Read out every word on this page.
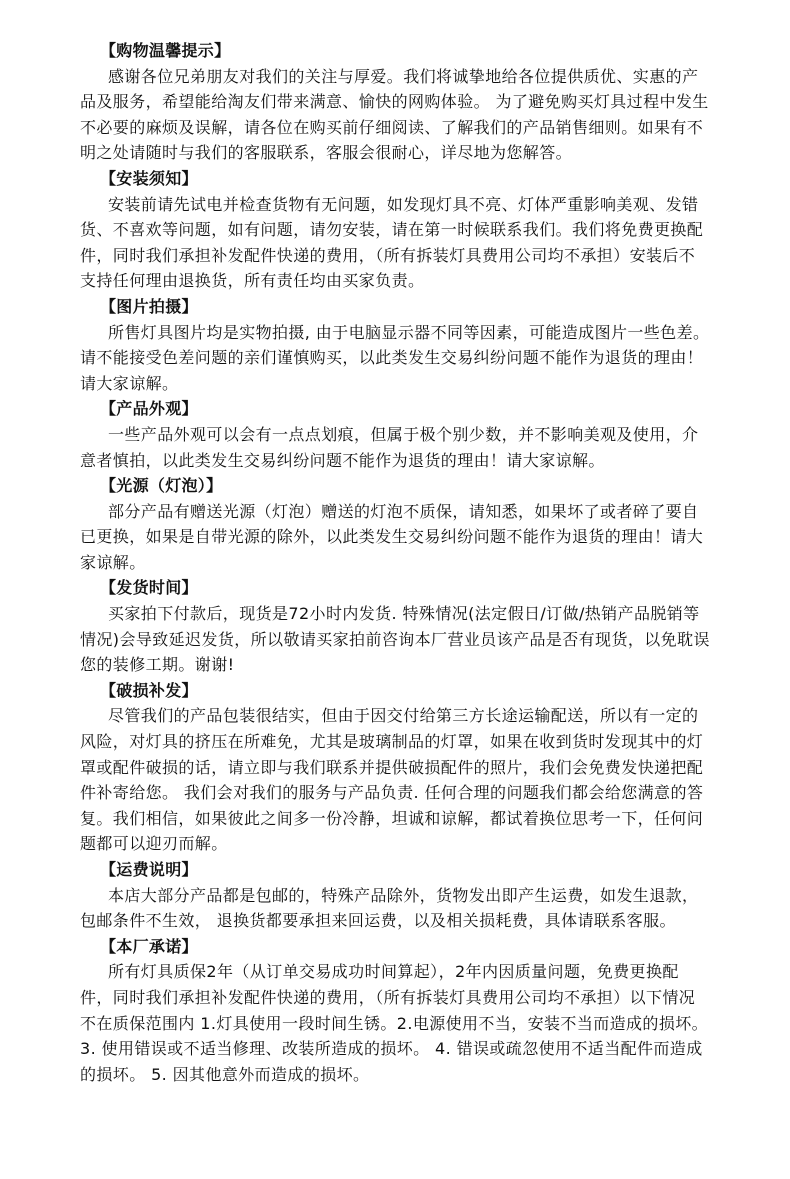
【购物温馨提示】

感谢各位兄弟朋友对我们的关注与厚爱。我们将诚挚地给各位提供质优、实惠的产品及服务，希望能给淘友们带来满意、愉快的网购体验。 为了避免购买灯具过程中发生不必要的麻烦及误解，请各位在购买前仔细阅读、了解我们的产品销售细则。如果有不明之处请随时与我们的客服联系，客服会很耐心，详尽地为您解答。

【安装须知】

安装前请先试电并检查货物有无问题，如发现灯具不亮、灯体严重影响美观、发错货、不喜欢等问题，如有问题，请勿安装，请在第一时候联系我们。我们将免费更换配件，同时我们承担补发配件快递的费用，（所有拆装灯具费用公司均不承担）安装后不支持任何理由退换货，所有责任均由买家负责。

【图片拍摄】

所售灯具图片均是实物拍摄, 由于电脑显示器不同等因素，可能造成图片一些色差。请不能接受色差问题的亲们谨慎购买，以此类发生交易纠纷问题不能作为退货的理由！请大家谅解。

【产品外观】

一些产品外观可以会有一点点划痕，但属于极个别少数，并不影响美观及使用，介意者慎拍，以此类发生交易纠纷问题不能作为退货的理由！请大家谅解。

【光源（灯泡）】

部分产品有赠送光源（灯泡）赠送的灯泡不质保，请知悉，如果坏了或者碎了要自已更换，如果是自带光源的除外，以此类发生交易纠纷问题不能作为退货的理由！请大家谅解。

【发货时间】

买家拍下付款后，现货是72小时内发货. 特殊情况(法定假日/订做/热销产品脱销等情况)会导致延迟发货，所以敬请买家拍前咨询本厂营业员该产品是否有现货，以免耽误您的装修工期。谢谢!

【破损补发】

尽管我们的产品包装很结实，但由于因交付给第三方长途运输配送，所以有一定的风险，对灯具的挤压在所难免，尤其是玻璃制品的灯罩，如果在收到货时发现其中的灯罩或配件破损的话，请立即与我们联系并提供破损配件的照片，我们会免费发快递把配件补寄给您。 我们会对我们的服务与产品负责. 任何合理的问题我们都会给您满意的答复。我们相信，如果彼此之间多一份冷静，坦诚和谅解，都试着换位思考一下，任何问题都可以迎刃而解。

【运费说明】

本店大部分产品都是包邮的，特殊产品除外，货物发出即产生运费，如发生退款，包邮条件不生效， 退换货都要承担来回运费，以及相关损耗费，具体请联系客服。

【本厂承诺】

所有灯具质保2年（从订单交易成功时间算起），2年内因质量问题，免费更换配件，同时我们承担补发配件快递的费用，（所有拆装灯具费用公司均不承担）以下情况不在质保范围内 1.灯具使用一段时间生锈。2.电源使用不当，安装不当而造成的损坏。3. 使用错误或不适当修理、改装所造成的损坏。 4. 错误或疏忽使用不适当配件而造成的损坏。 5. 因其他意外而造成的损坏。
